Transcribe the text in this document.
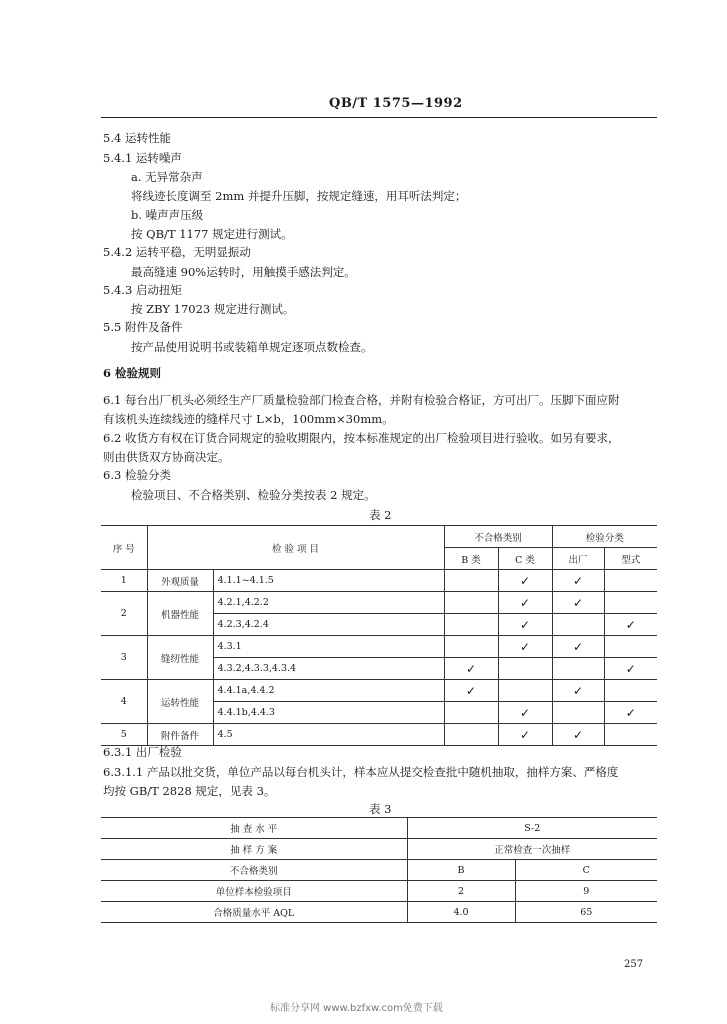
QB/T 1575—1992
5.4 运转性能
5.4.1 运转噪声
a. 无异常杂声
将线迹长度调至 2mm 并提升压脚，按规定缝速，用耳听法判定；
b. 噪声声压级
按 QB/T 1177 规定进行测试。
5.4.2 运转平稳，无明显振动
最高缝速 90%运转时，用触摸手感法判定。
5.4.3 启动扭矩
按 ZBY 17023 规定进行测试。
5.5 附件及备件
按产品使用说明书或装箱单规定逐项点数检查。
6 检验规则
6.1 每台出厂机头必须经生产厂质量检验部门检查合格，并附有检验合格证，方可出厂。压脚下面应附
有该机头连续线迹的缝样尺寸 L×b，100mm×30mm。
6.2 收货方有权在订货合同规定的验收期限内，按本标准规定的出厂检验项目进行验收。如另有要求，
则由供货双方协商决定。
6.3 检验分类
检验项目、不合格类别、检验分类按表 2 规定。
表 2
序 号	检 验 项 目		不合格类别		检验分类	
			B 类	C 类	出厂	型式
1	外观质量	4.1.1~4.1.5		✓	✓	
2	机器性能	4.2.1,4.2.2		✓	✓	
		4.2.3,4.2.4		✓		✓
3	缝纫性能	4.3.1		✓	✓	
		4.3.2,4.3.3,4.3.4	✓			✓
4	运转性能	4.4.1a,4.4.2	✓		✓	
		4.4.1b,4.4.3		✓		✓
5	附件备件	4.5		✓	✓	
6.3.1 出厂检验
6.3.1.1 产品以批交货，单位产品以每台机头计，样本应从提交检查批中随机抽取，抽样方案、严格度
均按 GB/T 2828 规定，见表 3。
表 3
抽 查 水 平	S-2	
抽 样 方 案	正常检查一次抽样	
不合格类别	B	C
单位样本检验项目	2	9
合格质量水平 AQL	4.0	65
257
标准分享网 www.bzfxw.com免费下载
